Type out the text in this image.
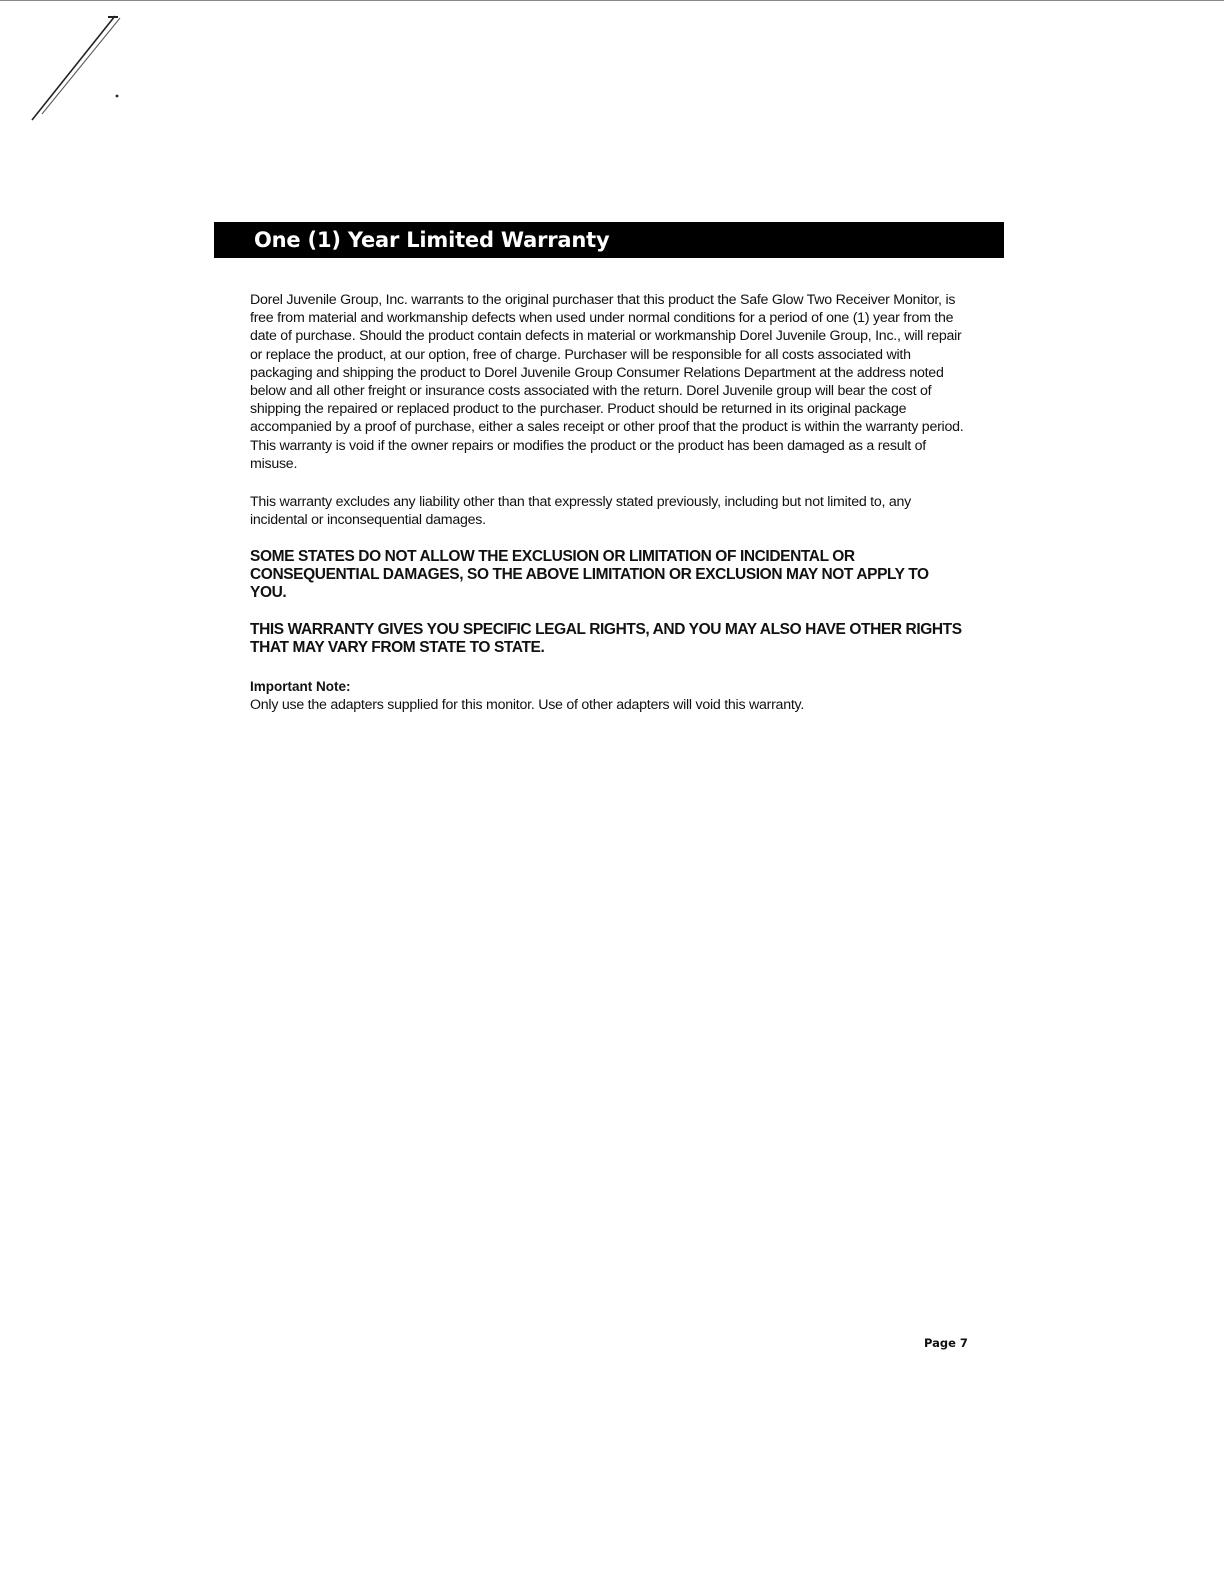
One (1) Year Limited Warranty

Dorel Juvenile Group, Inc. warrants to the original purchaser that this product the Safe Glow Two Receiver Monitor, is free from material and workmanship defects when used under normal conditions for a period of one (1) year from the date of purchase. Should the product contain defects in material or workmanship Dorel Juvenile Group, Inc., will repair or replace the product, at our option, free of charge. Purchaser will be responsible for all costs associated with packaging and shipping the product to Dorel Juvenile Group Consumer Relations Department at the address noted below and all other freight or insurance costs associated with the return. Dorel Juvenile group will bear the cost of shipping the repaired or replaced product to the purchaser. Product should be returned in its original package accompanied by a proof of purchase, either a sales receipt or other proof that the product is within the warranty period. This warranty is void if the owner repairs or modifies the product or the product has been damaged as a result of misuse.

This warranty excludes any liability other than that expressly stated previously, including but not limited to, any incidental or inconsequential damages.

SOME STATES DO NOT ALLOW THE EXCLUSION OR LIMITATION OF INCIDENTAL OR CONSEQUENTIAL DAMAGES, SO THE ABOVE LIMITATION OR EXCLUSION MAY NOT APPLY TO YOU.

THIS WARRANTY GIVES YOU SPECIFIC LEGAL RIGHTS, AND YOU MAY ALSO HAVE OTHER RIGHTS THAT MAY VARY FROM STATE TO STATE.

Important Note:

Only use the adapters supplied for this monitor. Use of other adapters will void this warranty.

Page 7
